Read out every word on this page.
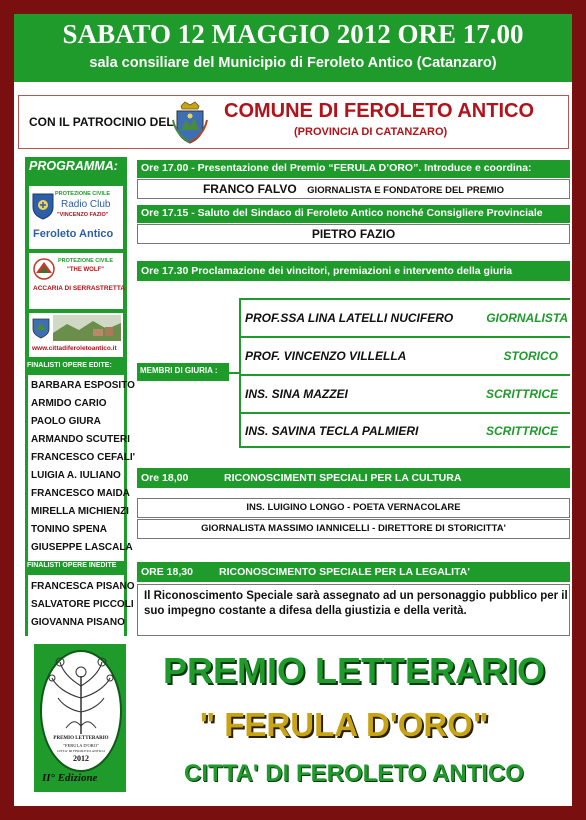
SABATO 12 MAGGIO 2012 ORE 17.00
sala consiliare del Municipio di Feroleto Antico (Catanzaro)
CON IL PATROCINIO DEL	COMUNE DI FEROLETO ANTICO
(PROVINCIA DI CATANZARO)
PROGRAMMA:
PROTEZIONE CIVILE
Radio Club
"VINCENZO FAZIO"
Feroleto Antico
PROTEZIONE CIVILE
"THE WOLF"
ACCARIA DI SERRASTRETTA
www.cittadiferoletoantico.it
FINALISTI OPERE EDITE:
BARBARA ESPOSITO
ARMIDO CARIO
PAOLO GIURA
ARMANDO SCUTERI
FRANCESCO CEFALI'
LUIGIA A. IULIANO
FRANCESCO MAIDA
MIRELLA MICHIENZI
TONINO SPENA
GIUSEPPE LASCALA
FINALISTI OPERE INEDITE
FRANCESCA PISANO
SALVATORE PICCOLI
GIOVANNA PISANO
Ore 17.00 - Presentazione del Premio “FERULA D’ORO”. Introduce e coordina:
FRANCO FALVO GIORNALISTA E FONDATORE DEL PREMIO
Ore 17.15 - Saluto del Sindaco di Feroleto Antico nonché Consigliere Provinciale
PIETRO FAZIO
Ore 17.30 Proclamazione dei vincitori, premiazioni e intervento della giuria
MEMBRI DI GIURIA :
PROF.SSA LINA LATELLI NUCIFERO	GIORNALISTA
PROF. VINCENZO VILLELLA	STORICO
INS. SINA MAZZEI	SCRITTRICE
INS. SAVINA TECLA PALMIERI	SCRITTRICE
Ore 18,00	RICONOSCIMENTI SPECIALI PER LA CULTURA
INS. LUIGINO LONGO - POETA VERNACOLARE
GIORNALISTA MASSIMO IANNICELLI - DIRETTORE DI STORICITTA'
ORE 18,30 RICONOSCIMENTO SPECIALE PER LA LEGALITA'
Il Riconoscimento Speciale sarà assegnato ad un personaggio pubblico per il
suo impegno costante a difesa della giustizia e della verità.
PREMIO LETTERARIO
"FERULA D'ORO"
CITTA' DI FEROLETO ANTICO
2012
II° Edizione
PREMIO LETTERARIO
" FERULA D'ORO"
CITTA' DI FEROLETO ANTICO
